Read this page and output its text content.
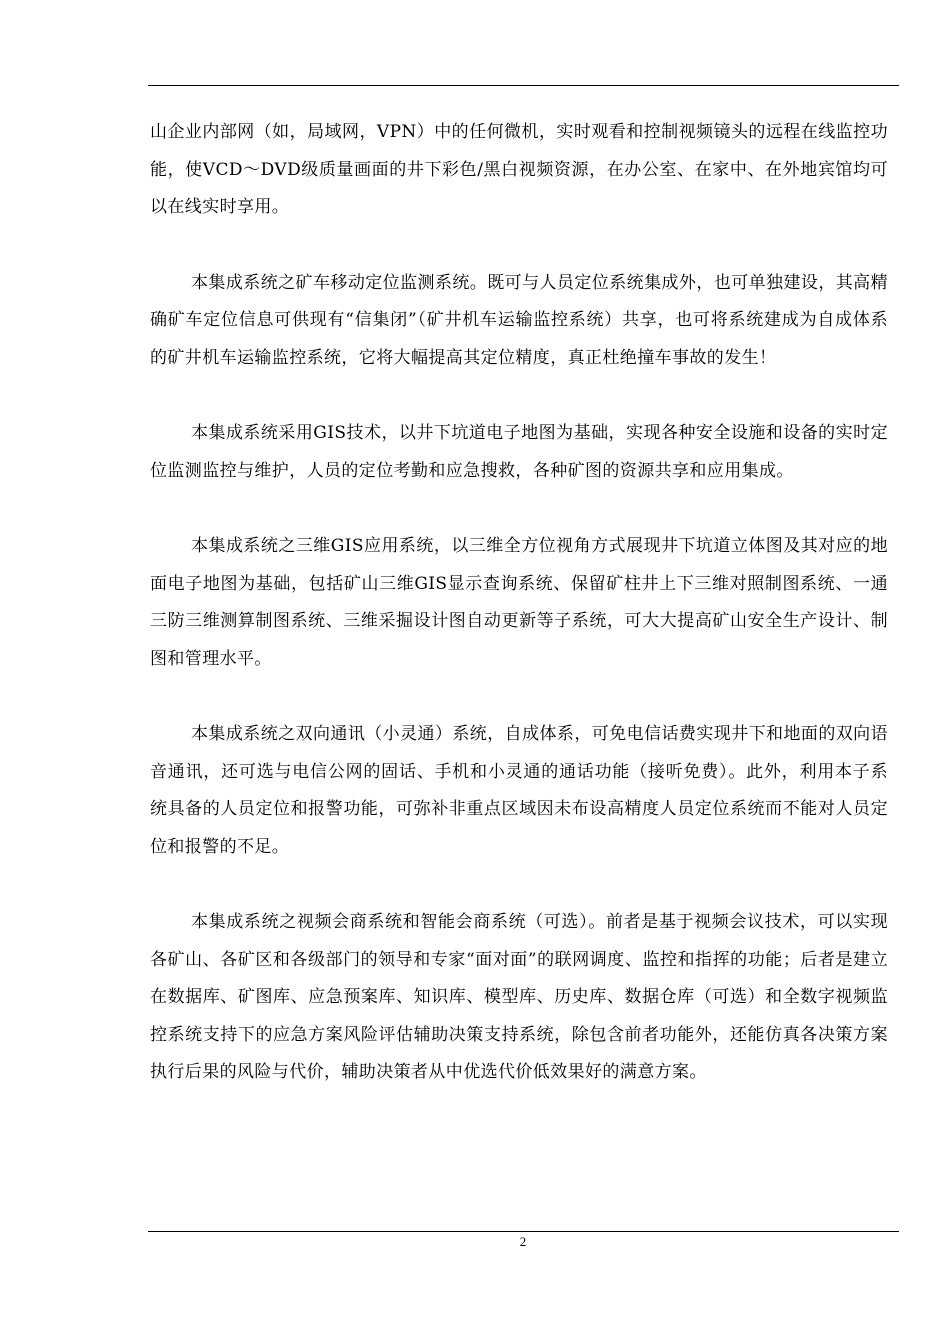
山企业内部网（如，局域网，VPN）中的任何微机，实时观看和控制视频镜头的远程在线监控功能，使VCD～DVD级质量画面的井下彩色/黑白视频资源，在办公室、在家中、在外地宾馆均可以在线实时享用。

本集成系统之矿车移动定位监测系统。既可与人员定位系统集成外，也可单独建设，其高精确矿车定位信息可供现有“信集闭”（矿井机车运输监控系统）共享，也可将系统建成为自成体系的矿井机车运输监控系统，它将大幅提高其定位精度，真正杜绝撞车事故的发生！

本集成系统采用GIS技术，以井下坑道电子地图为基础，实现各种安全设施和设备的实时定位监测监控与维护，人员的定位考勤和应急搜救，各种矿图的资源共享和应用集成。

本集成系统之三维GIS应用系统，以三维全方位视角方式展现井下坑道立体图及其对应的地面电子地图为基础，包括矿山三维GIS显示查询系统、保留矿柱井上下三维对照制图系统、一通三防三维测算制图系统、三维采掘设计图自动更新等子系统，可大大提高矿山安全生产设计、制图和管理水平。

本集成系统之双向通讯（小灵通）系统，自成体系，可免电信话费实现井下和地面的双向语音通讯，还可选与电信公网的固话、手机和小灵通的通话功能（接听免费）。此外，利用本子系统具备的人员定位和报警功能，可弥补非重点区域因未布设高精度人员定位系统而不能对人员定位和报警的不足。

本集成系统之视频会商系统和智能会商系统（可选）。前者是基于视频会议技术，可以实现各矿山、各矿区和各级部门的领导和专家“面对面”的联网调度、监控和指挥的功能；后者是建立在数据库、矿图库、应急预案库、知识库、模型库、历史库、数据仓库（可选）和全数字视频监控系统支持下的应急方案风险评估辅助决策支持系统，除包含前者功能外，还能仿真各决策方案执行后果的风险与代价，辅助决策者从中优选代价低效果好的满意方案。

2
